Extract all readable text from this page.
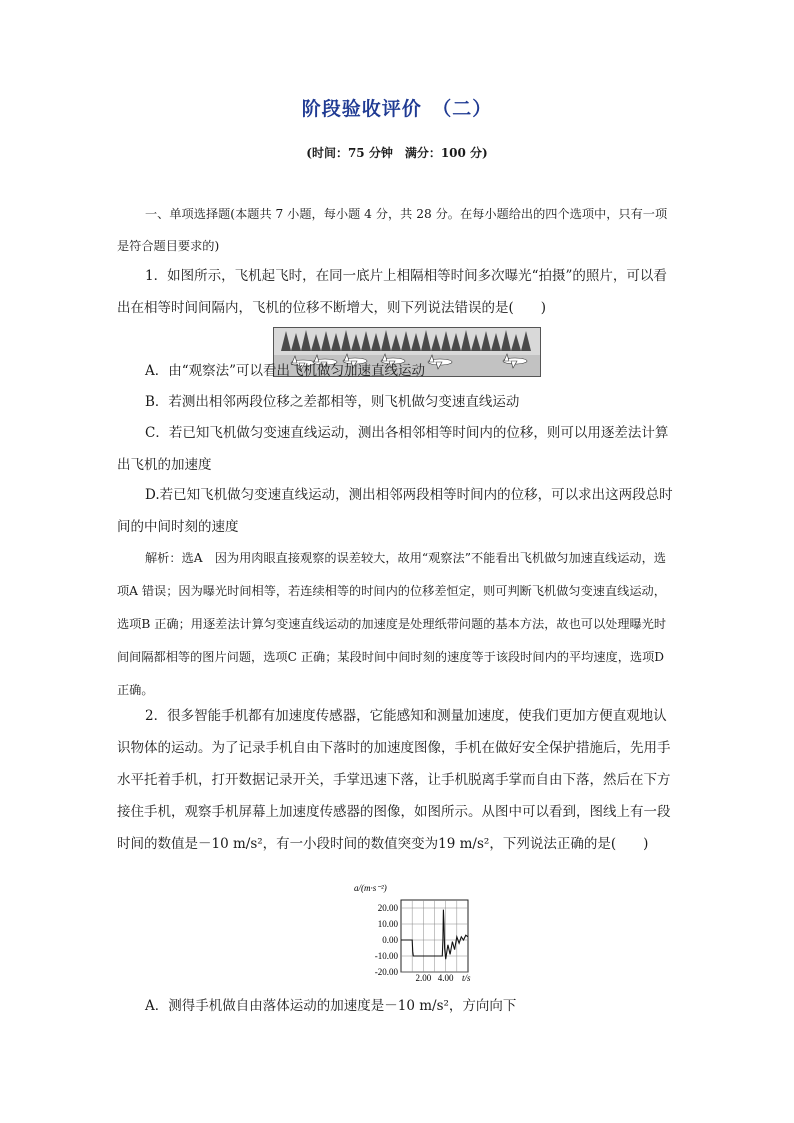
阶段验收评价　（二）
(时间：75 分钟　满分：100 分)

一、单项选择题(本题共 7 小题，每小题 4 分，共 28 分。在每小题给出的四个选项中，只有一项是符合题目要求的)

1．如图所示，飞机起飞时，在同一底片上相隔相等时间多次曝光“拍摄”的照片，可以看出在相等时间间隔内，飞机的位移不断增大，则下列说法错误的是(　　)

A．由“观察法”可以看出飞机做匀加速直线运动

B．若测出相邻两段位移之差都相等，则飞机做匀变速直线运动

C．若已知飞机做匀变速直线运动，测出各相邻相等时间内的位移，则可以用逐差法计算出飞机的加速度

D.若已知飞机做匀变速直线运动，测出相邻两段相等时间内的位移，可以求出这两段总时间的中间时刻的速度

解析：选A　因为用肉眼直接观察的误差较大，故用“观察法”不能看出飞机做匀加速直线运动，选项A 错误；因为曝光时间相等，若连续相等的时间内的位移差恒定，则可判断飞机做匀变速直线运动，选项B 正确；用逐差法计算匀变速直线运动的加速度是处理纸带问题的基本方法，故也可以处理曝光时间间隔都相等的图片问题，选项C 正确；某段时间中间时刻的速度等于该段时间内的平均速度，选项D 正确。

2．很多智能手机都有加速度传感器，它能感知和测量加速度，使我们更加方便直观地认识物体的运动。为了记录手机自由下落时的加速度图像，手机在做好安全保护措施后，先用手水平托着手机，打开数据记录开关，手掌迅速下落，让手机脱离手掌而自由下落，然后在下方接住手机，观察手机屏幕上加速度传感器的图像，如图所示。从图中可以看到，图线上有一段时间的数值是－10 m/s²，有一小段时间的数值突变为19 m/s²，下列说法正确的是(　　)

a/(m·s⁻²)
20.00
10.00
0.00
-10.00
-20.00
2.00 4.00 t/s

A．测得手机做自由落体运动的加速度是－10 m/s²，方向向下
